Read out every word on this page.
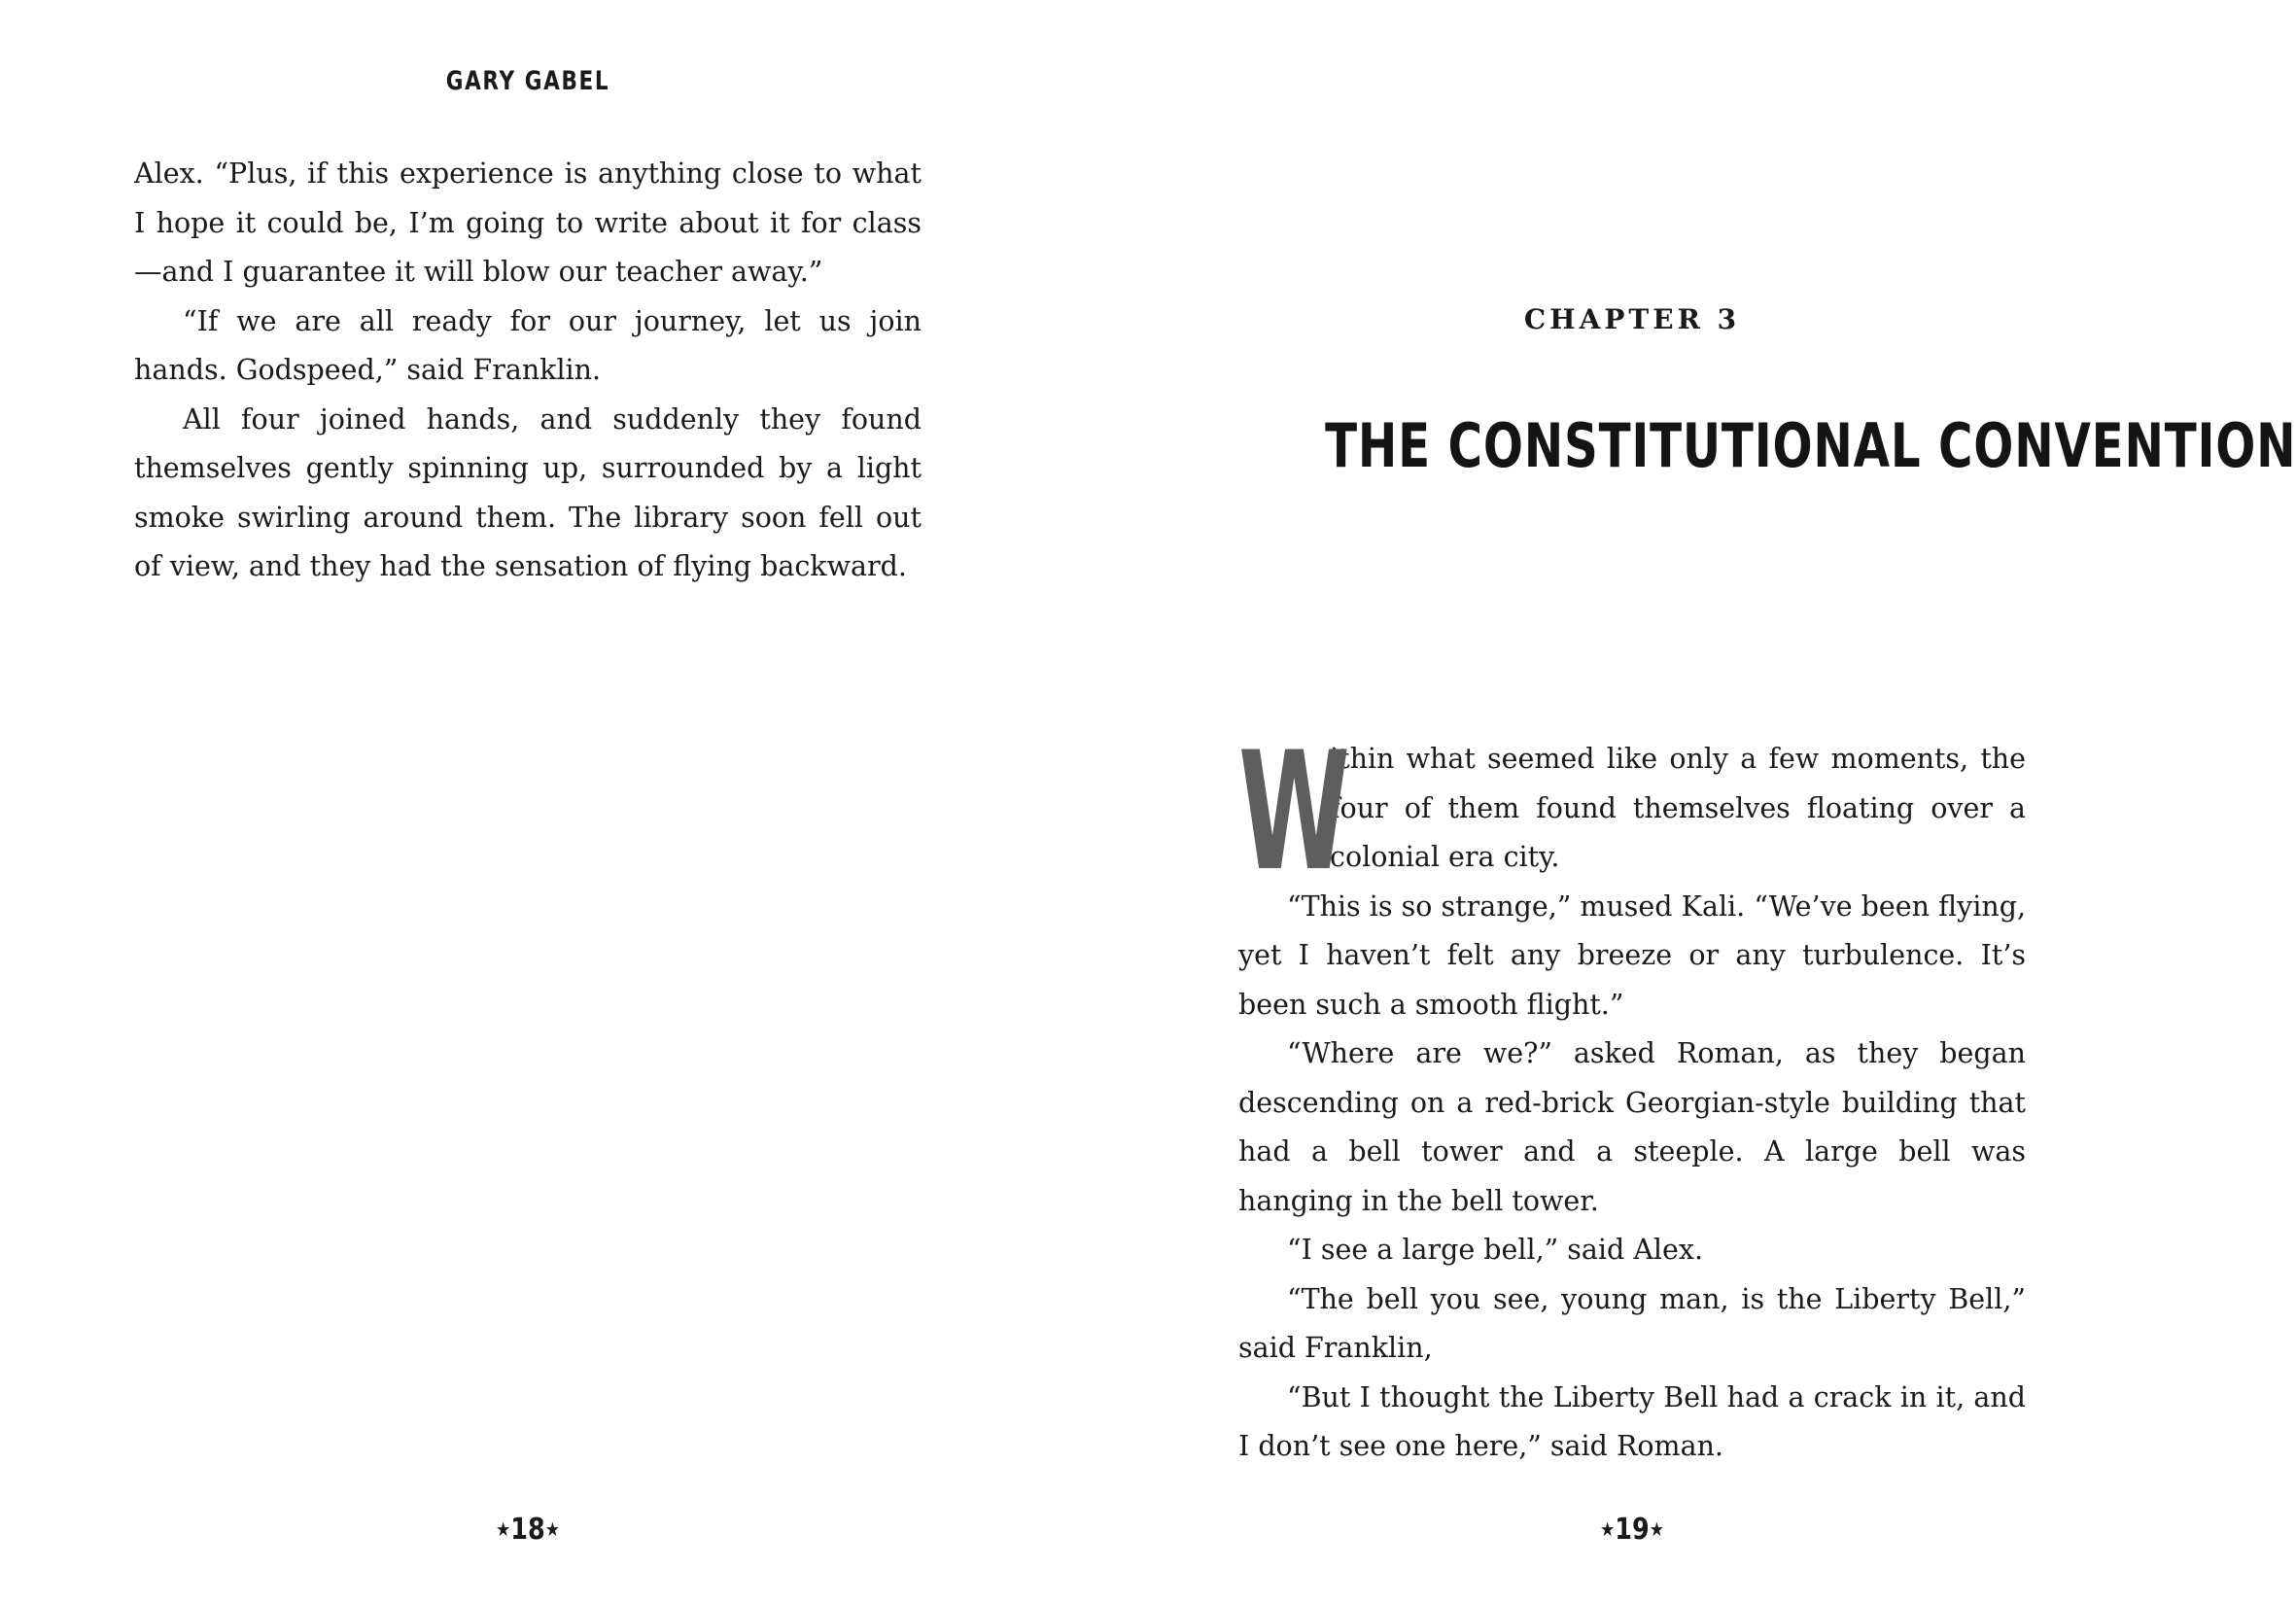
GARY GABEL

Alex. “Plus, if this experience is anything close to what I hope it could be, I’m going to write about it for class—and I guarantee it will blow our teacher away.”

“If we are all ready for our journey, let us join hands. Godspeed,” said Franklin.

All four joined hands, and suddenly they found themselves gently spinning up, surrounded by a light smoke swirling around them. The library soon fell out of view, and they had the sensation of flying backward.

★18★
CHAPTER 3
THE CONSTITUTIONAL CONVENTION

W
ithin what seemed like only a few moments, the four of them found themselves floating over a colonial era city.

“This is so strange,” mused Kali. “We’ve been flying, yet I haven’t felt any breeze or any turbulence. It’s been such a smooth flight.”

“Where are we?” asked Roman, as they began descending on a red-brick Georgian-style building that had a bell tower and a steeple. A large bell was hanging in the bell tower.

“I see a large bell,” said Alex.

“The bell you see, young man, is the Liberty Bell,” said Franklin,

“But I thought the Liberty Bell had a crack in it, and I don’t see one here,” said Roman.

★19★
